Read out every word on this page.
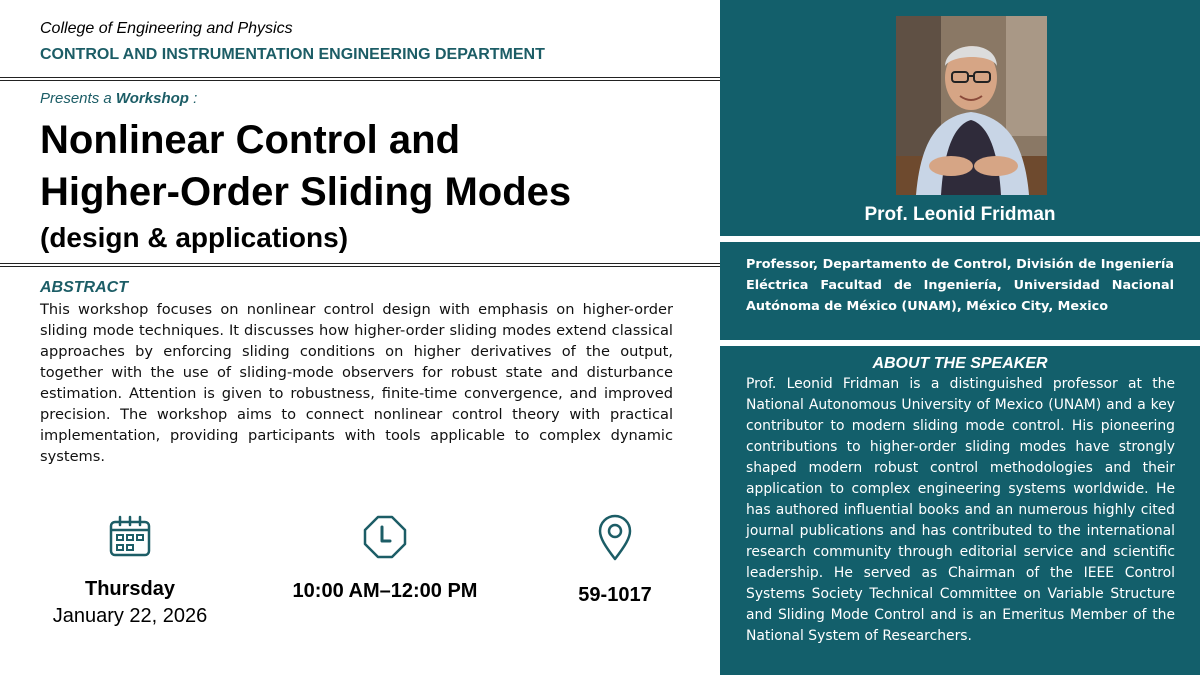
College of Engineering and Physics
CONTROL AND INSTRUMENTATION ENGINEERING DEPARTMENT
Presents a Workshop :
Nonlinear Control and
Higher-Order Sliding Modes
(design & applications)
ABSTRACT
This workshop focuses on nonlinear control design with emphasis on higher-order sliding mode techniques. It discusses how higher-order sliding modes extend classical approaches by enforcing sliding conditions on higher derivatives of the output, together with the use of sliding-mode observers for robust state and disturbance estimation. Attention is given to robustness, finite-time convergence, and improved precision. The workshop aims to connect nonlinear control theory with practical implementation, providing participants with tools applicable to complex dynamic systems.
Thursday
January 22, 2026
10:00 AM–12:00 PM	59-1017
Prof. Leonid Fridman
Professor, Departamento de Control, División de Ingeniería Eléctrica Facultad de Ingeniería, Universidad Nacional Autónoma de México (UNAM), México City, Mexico
ABOUT THE SPEAKER
Prof. Leonid Fridman is a distinguished professor at the National Autonomous University of Mexico (UNAM) and a key contributor to modern sliding mode control. His pioneering contributions to higher-order sliding modes have strongly shaped modern robust control methodologies and their application to complex engineering systems worldwide. He has authored influential books and an numerous highly cited journal publications and has contributed to the international research community through editorial service and scientific leadership. He served as Chairman of the IEEE Control Systems Society Technical Committee on Variable Structure and Sliding Mode Control and is an Emeritus Member of the National System of Researchers.
